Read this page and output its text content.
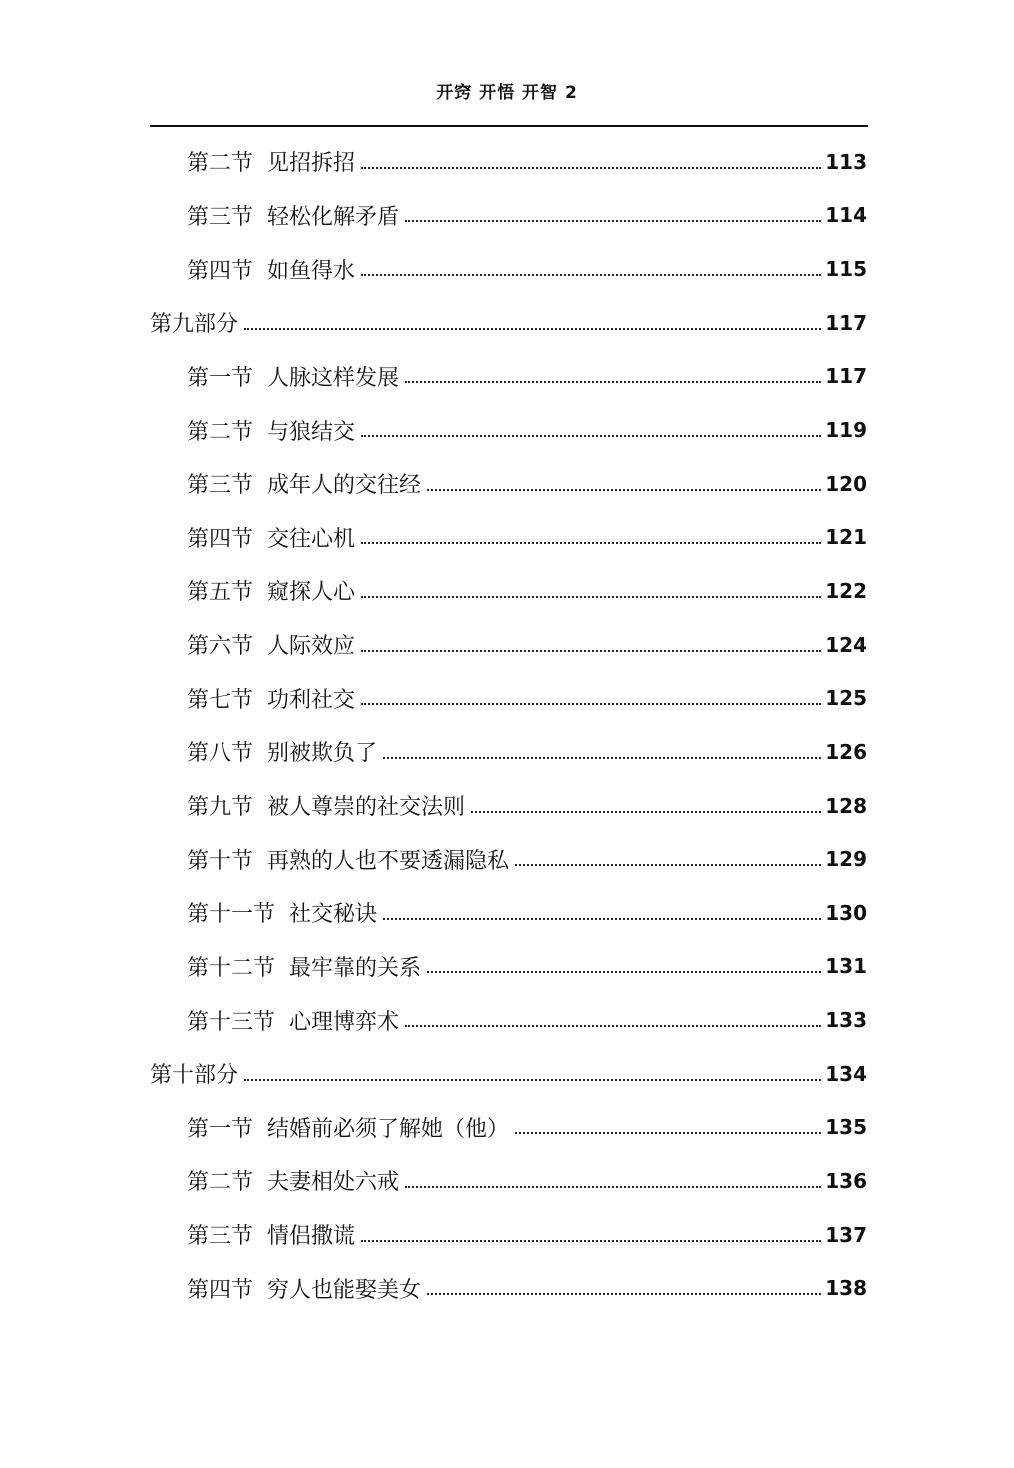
开窍 开悟 开智 2
第二节 见招拆招	113
第三节 轻松化解矛盾	114
第四节 如鱼得水	115
第九部分	117
第一节 人脉这样发展	117
第二节 与狼结交	119
第三节 成年人的交往经	120
第四节 交往心机	121
第五节 窥探人心	122
第六节 人际效应	124
第七节 功利社交	125
第八节 别被欺负了	126
第九节 被人尊崇的社交法则	128
第十节 再熟的人也不要透漏隐私	129
第十一节 社交秘诀	130
第十二节 最牢靠的关系	131
第十三节 心理博弈术	133
第十部分	134
第一节 结婚前必须了解她（他）	135
第二节 夫妻相处六戒	136
第三节 情侣撒谎	137
第四节 穷人也能娶美女	138
